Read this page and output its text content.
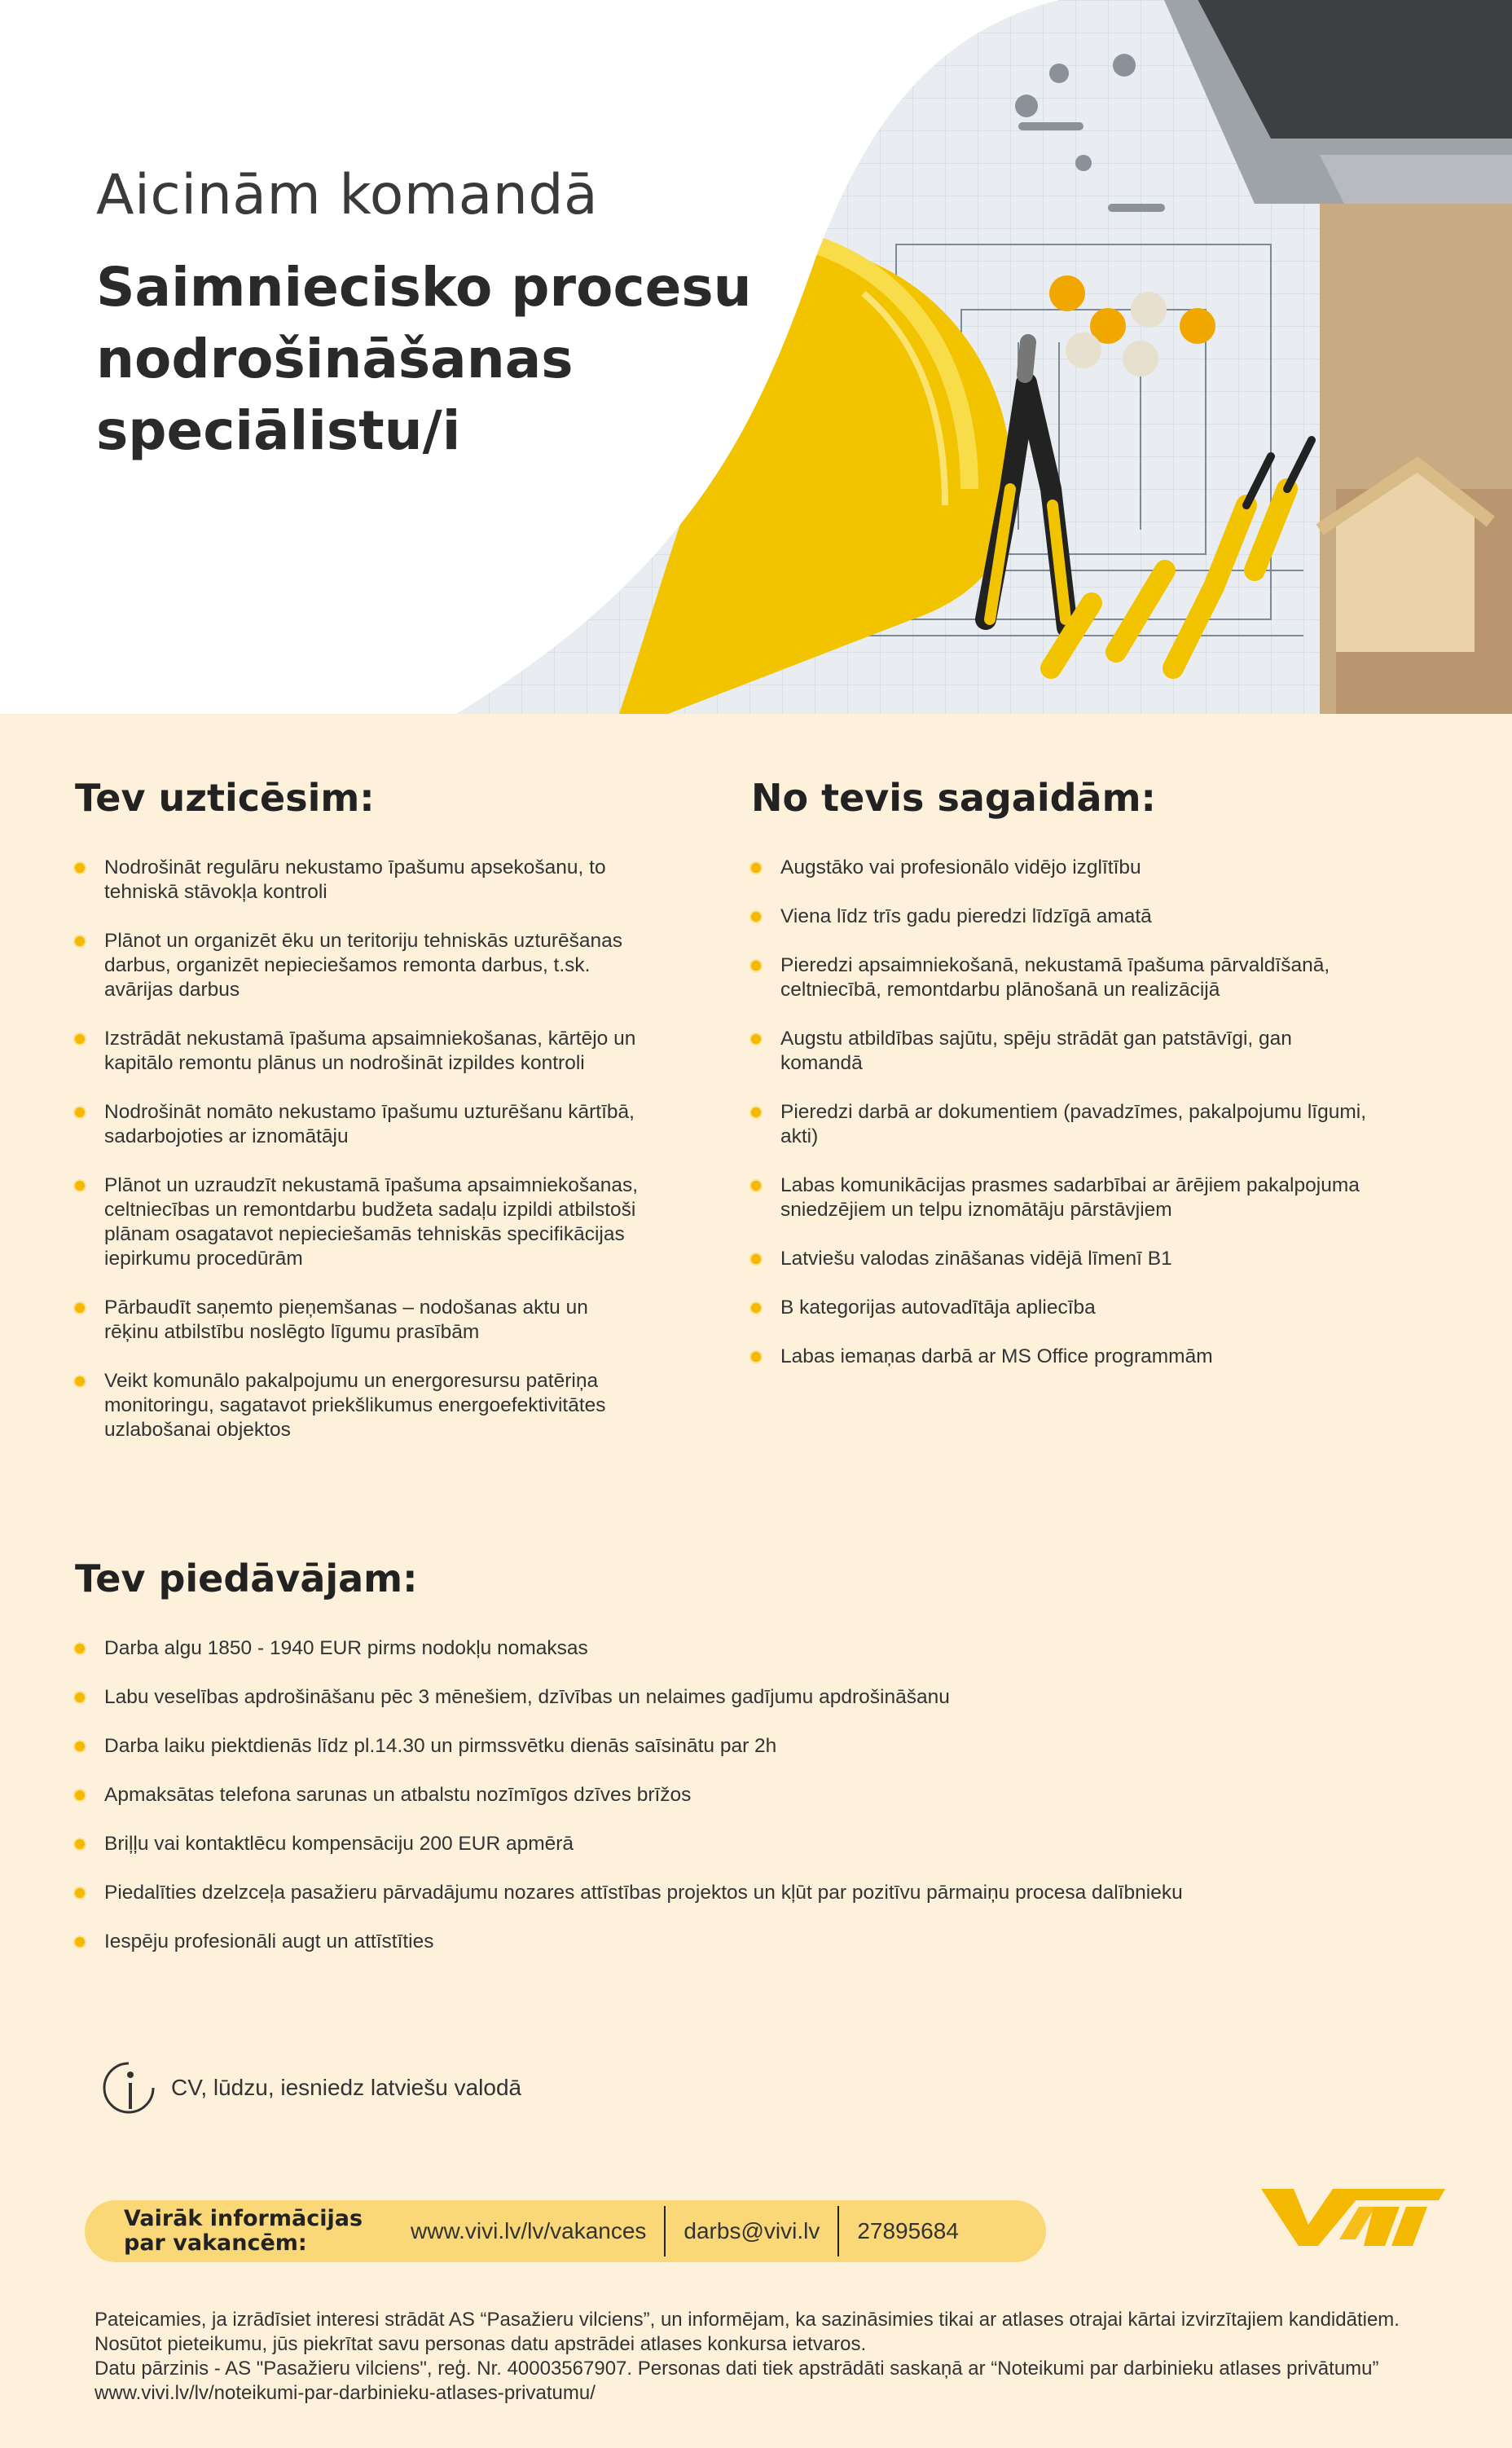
Aicinām komandā

Saimniecisko procesu
nodrošināšanas
speciālistu/i
Tev uzticēsim:
Nodrošināt regulāru nekustamo īpašumu apsekošanu, to tehniskā stāvokļa kontroli
Plānot un organizēt ēku un teritoriju tehniskās uzturēšanas darbus, organizēt nepieciešamos remonta darbus, t.sk. avārijas darbus
Izstrādāt nekustamā īpašuma apsaimniekošanas, kārtējo un kapitālo remontu plānus un nodrošināt izpildes kontroli
Nodrošināt nomāto nekustamo īpašumu uzturēšanu kārtībā, sadarbojoties ar iznomātāju
Plānot un uzraudzīt nekustamā īpašuma apsaimniekošanas, celtniecības un remontdarbu budžeta sadaļu izpildi atbilstoši plānam osagatavot nepieciešamās tehniskās specifikācijas iepirkumu procedūrām
Pārbaudīt saņemto pieņemšanas – nodošanas aktu un rēķinu atbilstību noslēgto līgumu prasībām
Veikt komunālo pakalpojumu un energoresursu patēriņa monitoringu, sagatavot priekšlikumus energoefektivitātes uzlabošanai objektos
No tevis sagaidām:
Augstāko vai profesionālo vidējo izglītību
Viena līdz trīs gadu pieredzi līdzīgā amatā
Pieredzi apsaimniekošanā, nekustamā īpašuma pārvaldīšanā, celtniecībā, remontdarbu plānošanā un realizācijā
Augstu atbildības sajūtu, spēju strādāt gan patstāvīgi, gan komandā
Pieredzi darbā ar dokumentiem (pavadzīmes, pakalpojumu līgumi, akti)
Labas komunikācijas prasmes sadarbībai ar ārējiem pakalpojuma sniedzējiem un telpu iznomātāju pārstāvjiem
Latviešu valodas zināšanas vidējā līmenī B1
B kategorijas autovadītāja apliecība
Labas iemaņas darbā ar MS Office programmām
Tev piedāvājam:
Darba algu 1850 - 1940 EUR pirms nodokļu nomaksas
Labu veselības apdrošināšanu pēc 3 mēnešiem, dzīvības un nelaimes gadījumu apdrošināšanu
Darba laiku piektdienās līdz pl.14.30 un pirmssvētku dienās saīsinātu par 2h
Apmaksātas telefona sarunas un atbalstu nozīmīgos dzīves brīžos
Briļļu vai kontaktlēcu kompensāciju 200 EUR apmērā
Piedalīties dzelzceļa pasažieru pārvadājumu nozares attīstības projektos un kļūt par pozitīvu pārmaiņu procesa dalībnieku
Iespēju profesionāli augt un attīstīties
CV, lūdzu, iesniedz latviešu valodā
Vairāk informācijas par vakancēm:	www.vivi.lv/lv/vakances	darbs@vivi.lv	27895684

Pateicamies, ja izrādīsiet interesi strādāt AS “Pasažieru vilciens”, un informējam, ka sazināsimies tikai ar atlases otrajai kārtai izvirzītajiem kandidātiem. Nosūtot pieteikumu, jūs piekrītat savu personas datu apstrādei atlases konkursa ietvaros.

Datu pārzinis - AS "Pasažieru vilciens", reģ. Nr. 40003567907. Personas dati tiek apstrādāti saskaņā ar “Noteikumi par darbinieku atlases privātumu” www.vivi.lv/lv/noteikumi-par-darbinieku-atlases-privatumu/
